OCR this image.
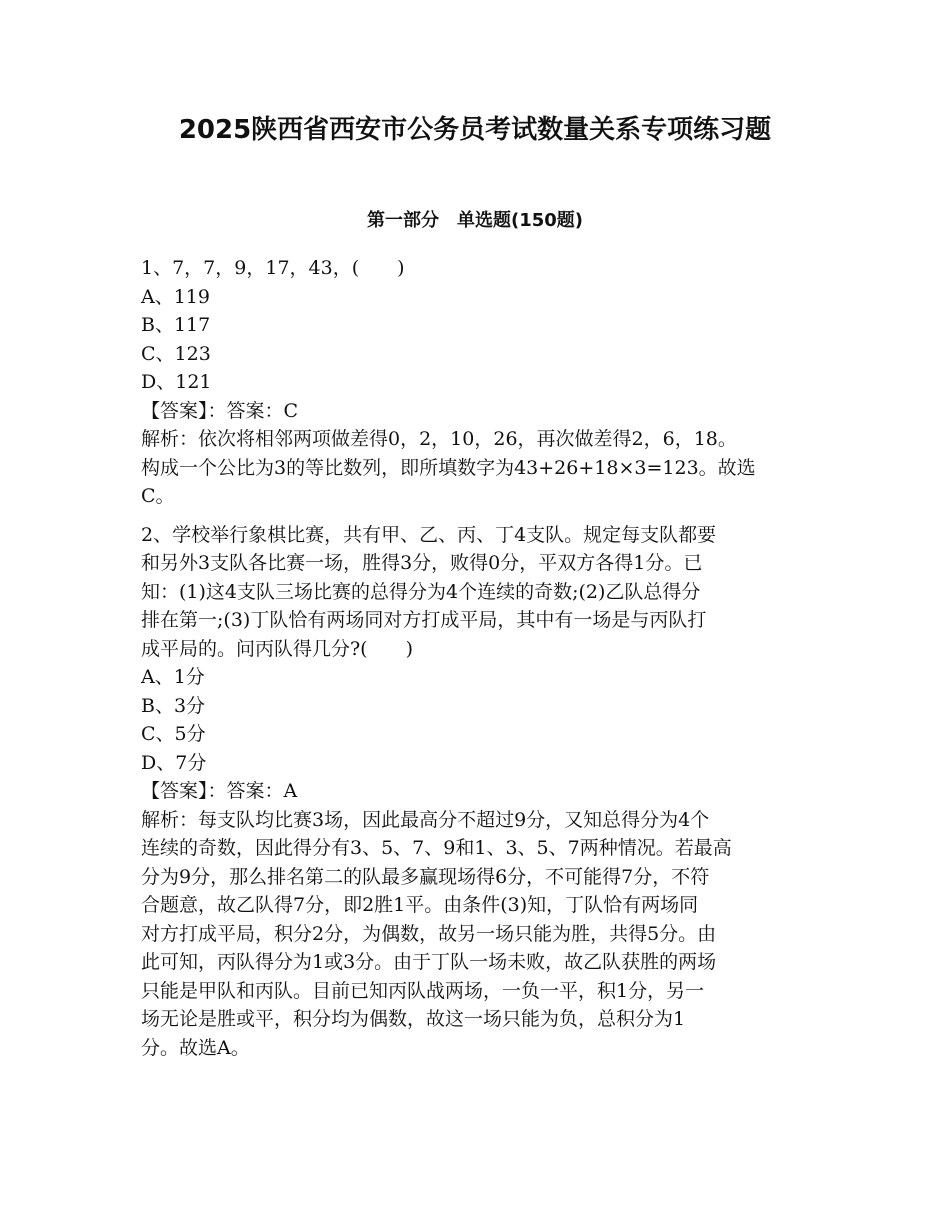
2025陕西省西安市公务员考试数量关系专项练习题
第一部分　单选题(150题)
1、7，7，9，17，43，(　　)
A、119
B、117
C、123
D、121
【答案】：答案：C
解析：依次将相邻两项做差得0，2，10，26，再次做差得2，6，18。
构成一个公比为3的等比数列，即所填数字为43+26+18×3=123。故选
C。
2、学校举行象棋比赛，共有甲、乙、丙、丁4支队。规定每支队都要
和另外3支队各比赛一场，胜得3分，败得0分，平双方各得1分。已
知：(1)这4支队三场比赛的总得分为4个连续的奇数;(2)乙队总得分
排在第一;(3)丁队恰有两场同对方打成平局，其中有一场是与丙队打
成平局的。问丙队得几分?(　　)
A、1分
B、3分
C、5分
D、7分
【答案】：答案：A
解析：每支队均比赛3场，因此最高分不超过9分，又知总得分为4个
连续的奇数，因此得分有3、5、7、9和1、3、5、7两种情况。若最高
分为9分，那么排名第二的队最多赢现场得6分，不可能得7分，不符
合题意，故乙队得7分，即2胜1平。由条件(3)知，丁队恰有两场同
对方打成平局，积分2分，为偶数，故另一场只能为胜，共得5分。由
此可知，丙队得分为1或3分。由于丁队一场未败，故乙队获胜的两场
只能是甲队和丙队。目前已知丙队战两场，一负一平，积1分，另一
场无论是胜或平，积分均为偶数，故这一场只能为负，总积分为1
分。故选A。
